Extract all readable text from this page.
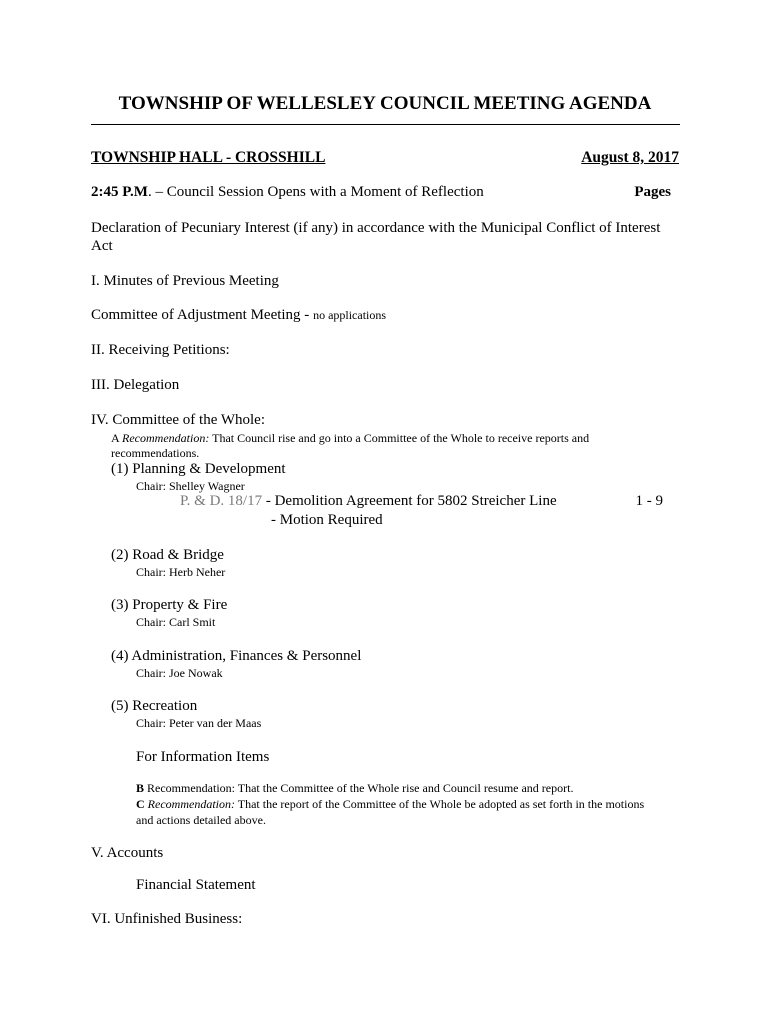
TOWNSHIP OF WELLESLEY COUNCIL MEETING AGENDA
TOWNSHIP HALL - CROSSHILL	August 8, 2017
2:45 P.M. – Council Session Opens with a Moment of Reflection	Pages
Declaration of Pecuniary Interest (if any) in accordance with the Municipal Conflict of Interest
Act
I. Minutes of Previous Meeting
Committee of Adjustment Meeting - no applications
II. Receiving Petitions:
III. Delegation
IV. Committee of the Whole:
A Recommendation: That Council rise and go into a Committee of the Whole to receive reports and
recommendations.
(1) Planning & Development
Chair: Shelley Wagner
P. & D. 18/17 - Demolition Agreement for 5802 Streicher Line	1 - 9
- Motion Required
(2) Road & Bridge
Chair: Herb Neher
(3) Property & Fire
Chair: Carl Smit
(4) Administration, Finances & Personnel
Chair: Joe Nowak
(5) Recreation
Chair: Peter van der Maas
For Information Items
B Recommendation: That the Committee of the Whole rise and Council resume and report.
C Recommendation: That the report of the Committee of the Whole be adopted as set forth in the motions
and actions detailed above.
V. Accounts
Financial Statement
VI. Unfinished Business:
